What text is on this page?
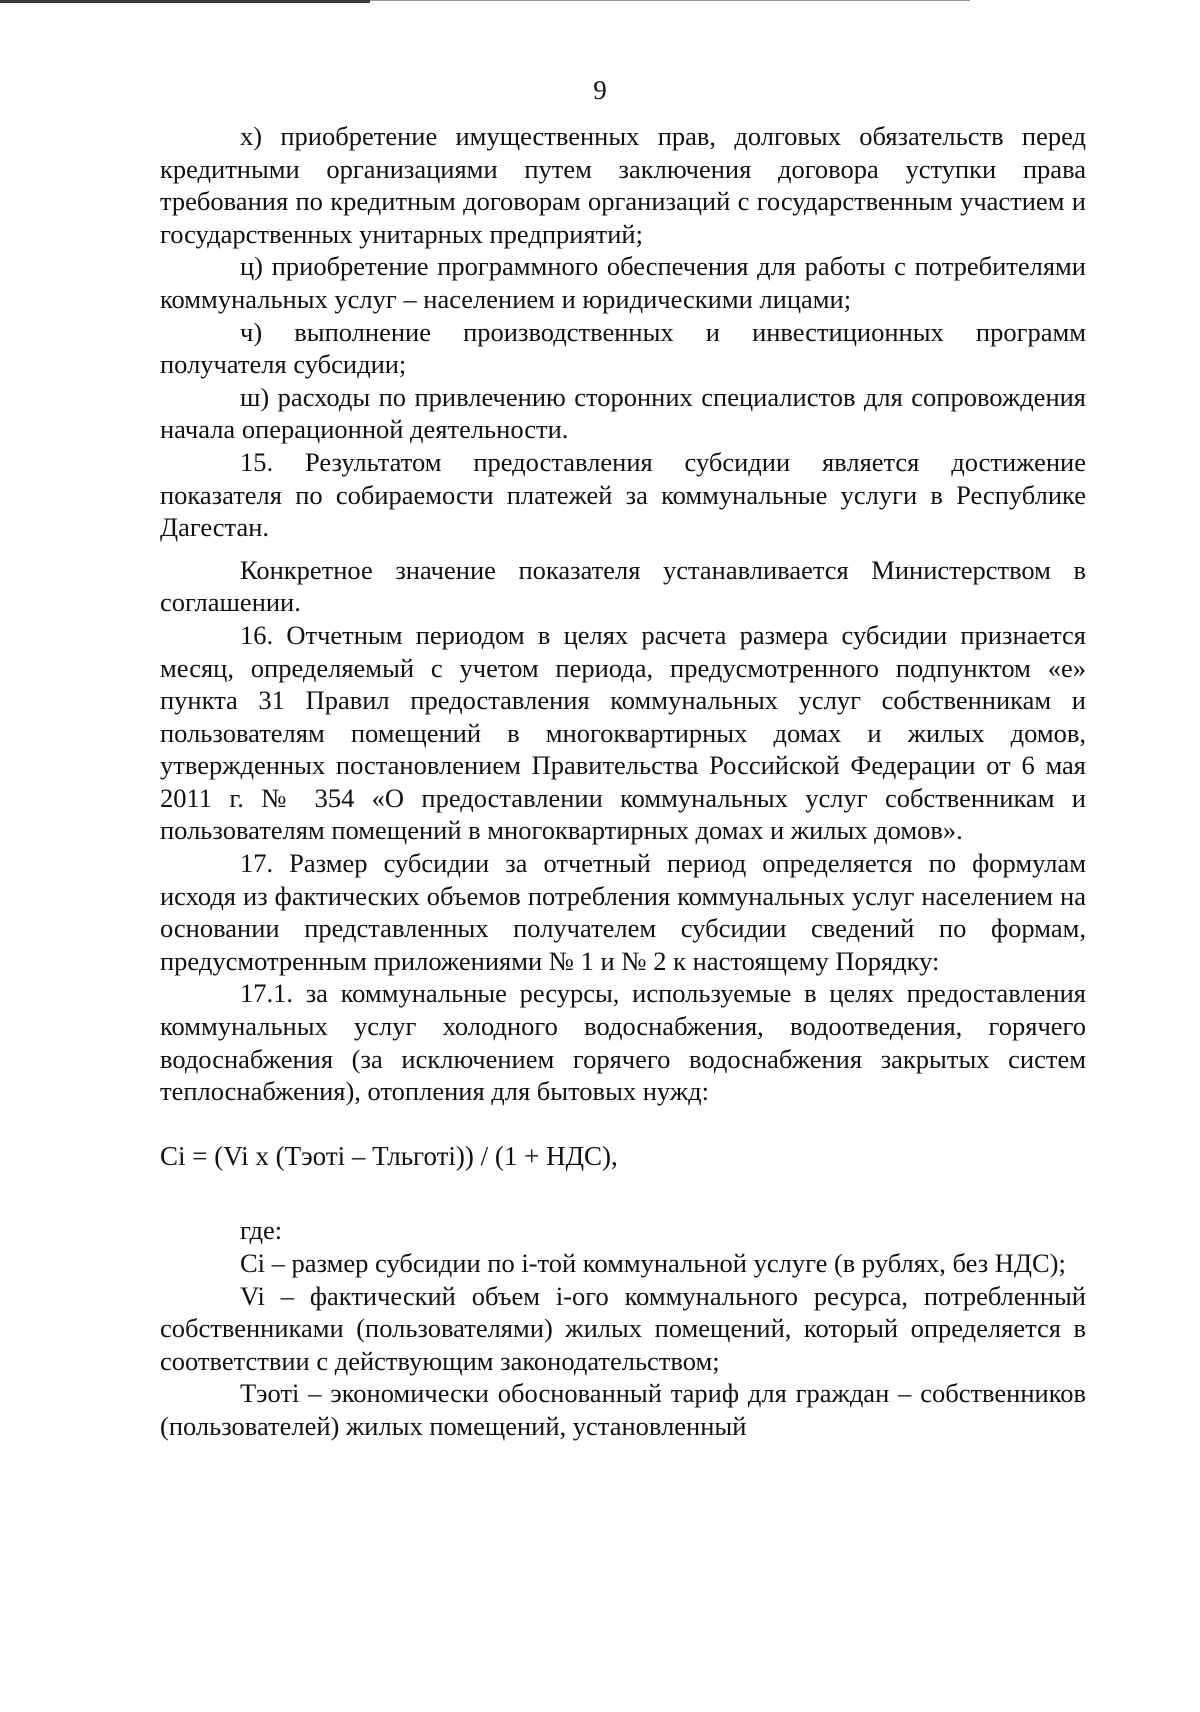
9

х) приобретение имущественных прав, долговых обязательств перед кредитными организациями путем заключения договора уступки права требования по кредитным договорам организаций с государственным участием и государственных унитарных предприятий;

ц) приобретение программного обеспечения для работы с потребителями коммунальных услуг – населением и юридическими лицами;

ч) выполнение производственных и инвестиционных программ получателя субсидии;

ш) расходы по привлечению сторонних специалистов для сопровождения начала операционной деятельности.

15. Результатом предоставления субсидии является достижение показателя по собираемости платежей за коммунальные услуги в Республике Дагестан.

Конкретное значение показателя устанавливается Министерством в соглашении.

16. Отчетным периодом в целях расчета размера субсидии признается месяц, определяемый с учетом периода, предусмотренного подпунктом «е» пункта 31 Правил предоставления коммунальных услуг собственникам и пользователям помещений в многоквартирных домах и жилых домов, утвержденных постановлением Правительства Российской Федерации от 6 мая 2011 г. № 354 «О предоставлении коммунальных услуг собственникам и пользователям помещений в многоквартирных домах и жилых домов».

17. Размер субсидии за отчетный период определяется по формулам исходя из фактических объемов потребления коммунальных услуг населением на основании представленных получателем субсидии сведений по формам, предусмотренным приложениями № 1 и № 2 к настоящему Порядку:

17.1. за коммунальные ресурсы, используемые в целях предоставления коммунальных услуг холодного водоснабжения, водоотведения, горячего водоснабжения (за исключением горячего водоснабжения закрытых систем теплоснабжения), отопления для бытовых нужд:

Ci = (Vi x (Тэотi – Тльготi)) / (1 + НДС),

где:

Ci – размер субсидии по i-той коммунальной услуге (в рублях, без НДС);

Vi – фактический объем i-ого коммунального ресурса, потребленный собственниками (пользователями) жилых помещений, который определяется в соответствии с действующим законодательством;

Тэотi – экономически обоснованный тариф для граждан – собственников (пользователей) жилых помещений, установленный
